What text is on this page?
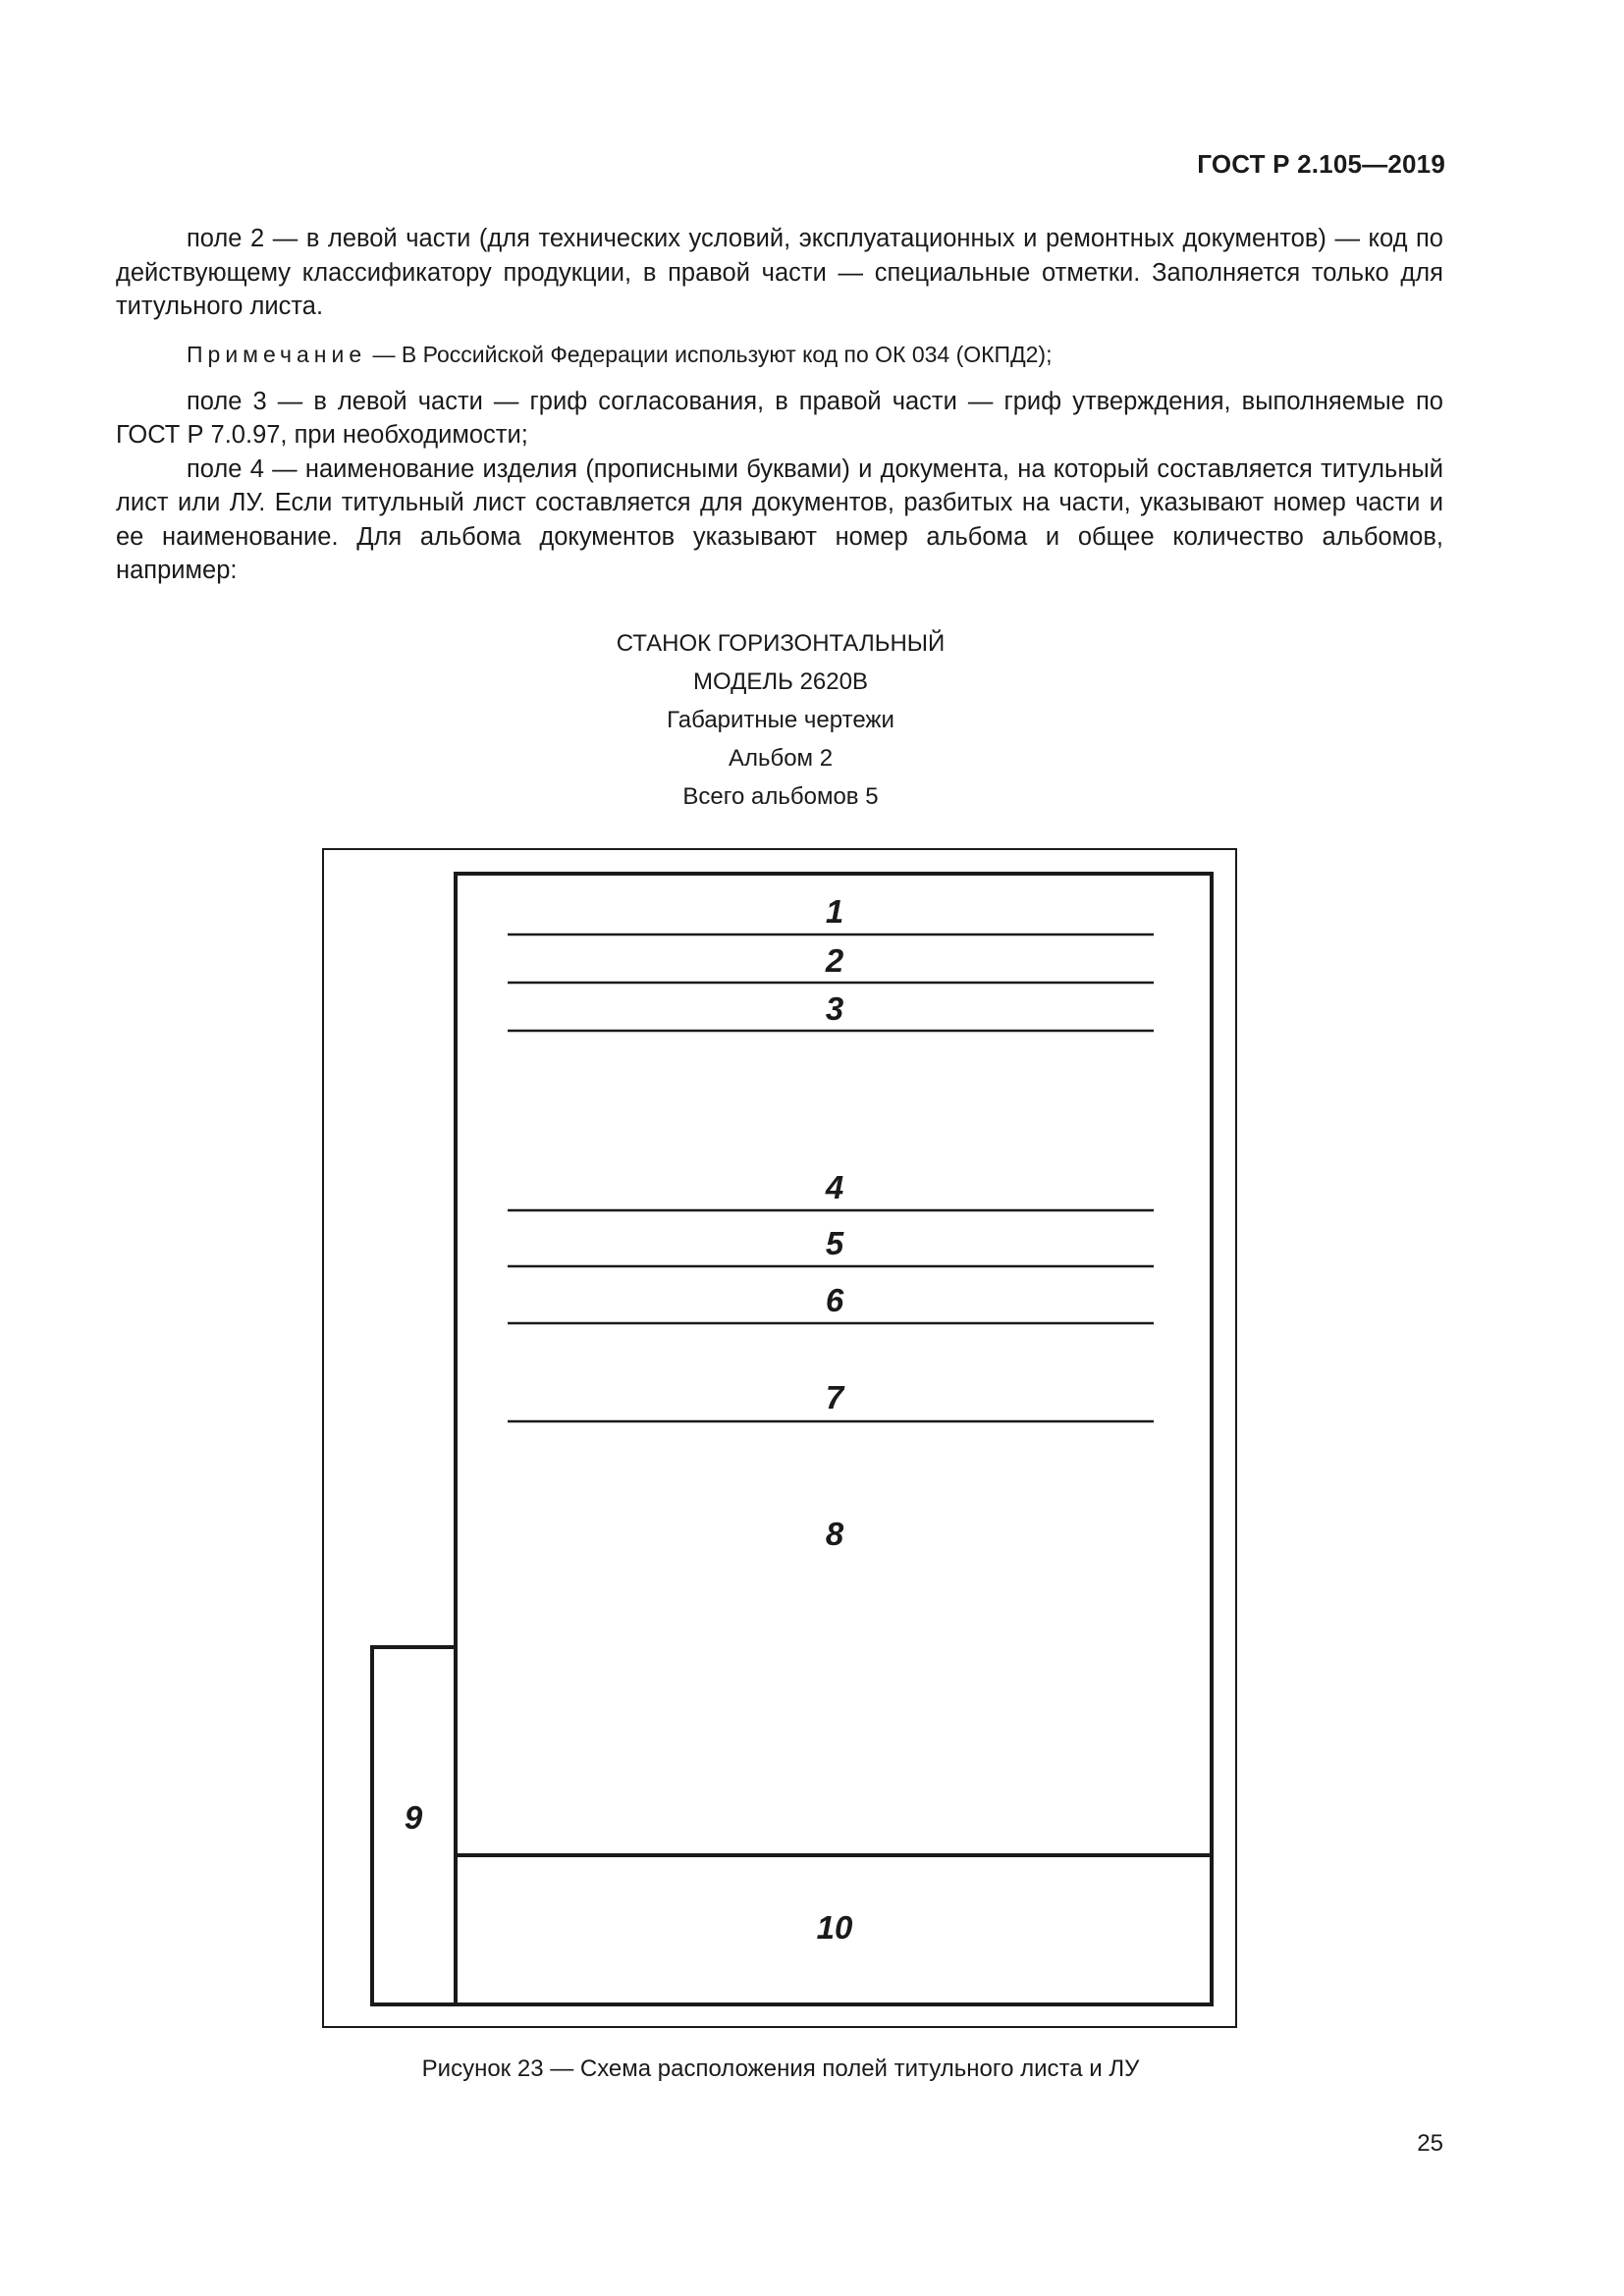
ГОСТ Р 2.105—2019

поле 2 — в левой части (для технических условий, эксплуатационных и ремонтных документов) — код по действующему классификатору продукции, в правой части — специальные отметки. Заполняется только для титульного листа.

Примечание — В Российской Федерации используют код по ОК 034 (ОКПД2);

поле 3 — в левой части — гриф согласования, в правой части — гриф утверждения, выполняемые по ГОСТ Р 7.0.97, при необходимости;

поле 4 — наименование изделия (прописными буквами) и документа, на который составляется титульный лист или ЛУ. Если титульный лист составляется для документов, разбитых на части, указывают номер части и ее наименование. Для альбома документов указывают номер альбома и общее количество альбомов, например:

СТАНОК ГОРИЗОНТАЛЬНЫЙ
МОДЕЛЬ 2620В
Габаритные чертежи
Альбом 2
Всего альбомов 5
1
2
3
4
5
6
7
8
9
10
Рисунок 23 — Схема расположения полей титульного листа и ЛУ
25
